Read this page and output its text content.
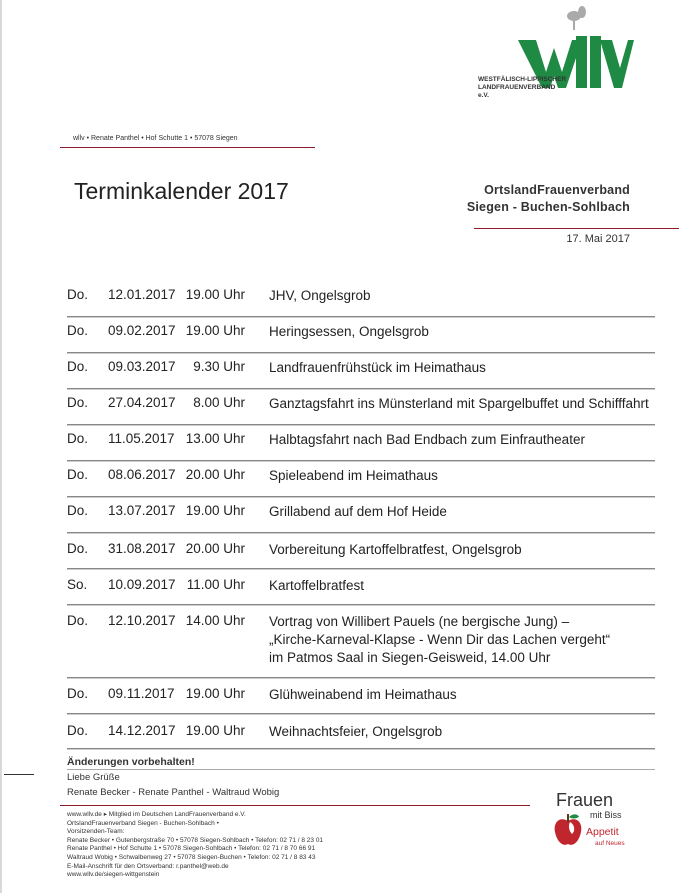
WESTFÄLISCH-LIPPISCHER
LANDFRAUENVERBAND e.V.
wllv • Renate Panthel • Hof Schutte 1 • 57078 Siegen
Terminkalender 2017	OrtslandFrauenverband
Siegen - Buchen-Sohlbach
17. Mai 2017
Do. 12.01.2017 19.00 Uhr JHV, Ongelsgrob
Do. 09.02.2017 19.00 Uhr Heringsessen, Ongelsgrob
Do. 09.03.2017	9.30 Uhr Landfrauenfrühstück im Heimathaus
Do. 27.04.2017	8.00 Uhr Ganztagsfahrt ins Münsterland mit Spargelbuffet und Schifffahrt
Do. 11.05.2017 13.00 Uhr Halbtagsfahrt nach Bad Endbach zum Einfrautheater
Do. 08.06.2017 20.00 Uhr Spieleabend im Heimathaus
Do. 13.07.2017 19.00 Uhr Grillabend auf dem Hof Heide
Do. 31.08.2017 20.00 Uhr Vorbereitung Kartoffelbratfest, Ongelsgrob
So. 10.09.2017 11.00 Uhr Kartoffelbratfest
Do. 12.10.2017 14.00 Uhr Vortrag von Willibert Pauels (ne bergische Jung) –
„Kirche-Karneval-Klapse - Wenn Dir das Lachen vergeht“
im Patmos Saal in Siegen-Geisweid, 14.00 Uhr
Do. 09.11.2017 19.00 Uhr Glühweinabend im Heimathaus
Do. 14.12.2017 19.00 Uhr Weihnachtsfeier, Ongelsgrob
Änderungen vorbehalten!
Liebe Grüße
Renate Becker - Renate Panthel - Waltraud Wobig
www.wllv.de ▸ Mitglied im Deutschen LandFrauenverband e.V.
OrtslandFrauenverband Siegen - Buchen-Sohlbach •
Vorsitzenden-Team:
Renate Becker • Gutenbergstraße 70 • 57078 Siegen-Sohlbach • Telefon: 02 71 / 8 23 01
Renate Panthel • Hof Schutte 1 • 57078 Siegen-Sohlbach • Telefon: 02 71 / 8 70 66 91
Waltraud Wobig • Schwalbenweg 27 • 57078 Siegen-Buchen • Telefon: 02 71 / 8 83 43
E-Mail-Anschrift für den Ortsverband: r.panthel@web.de
www.wllv.de/siegen-wittgenstein
Frauen
mit Biss
Appetit
auf Neues
